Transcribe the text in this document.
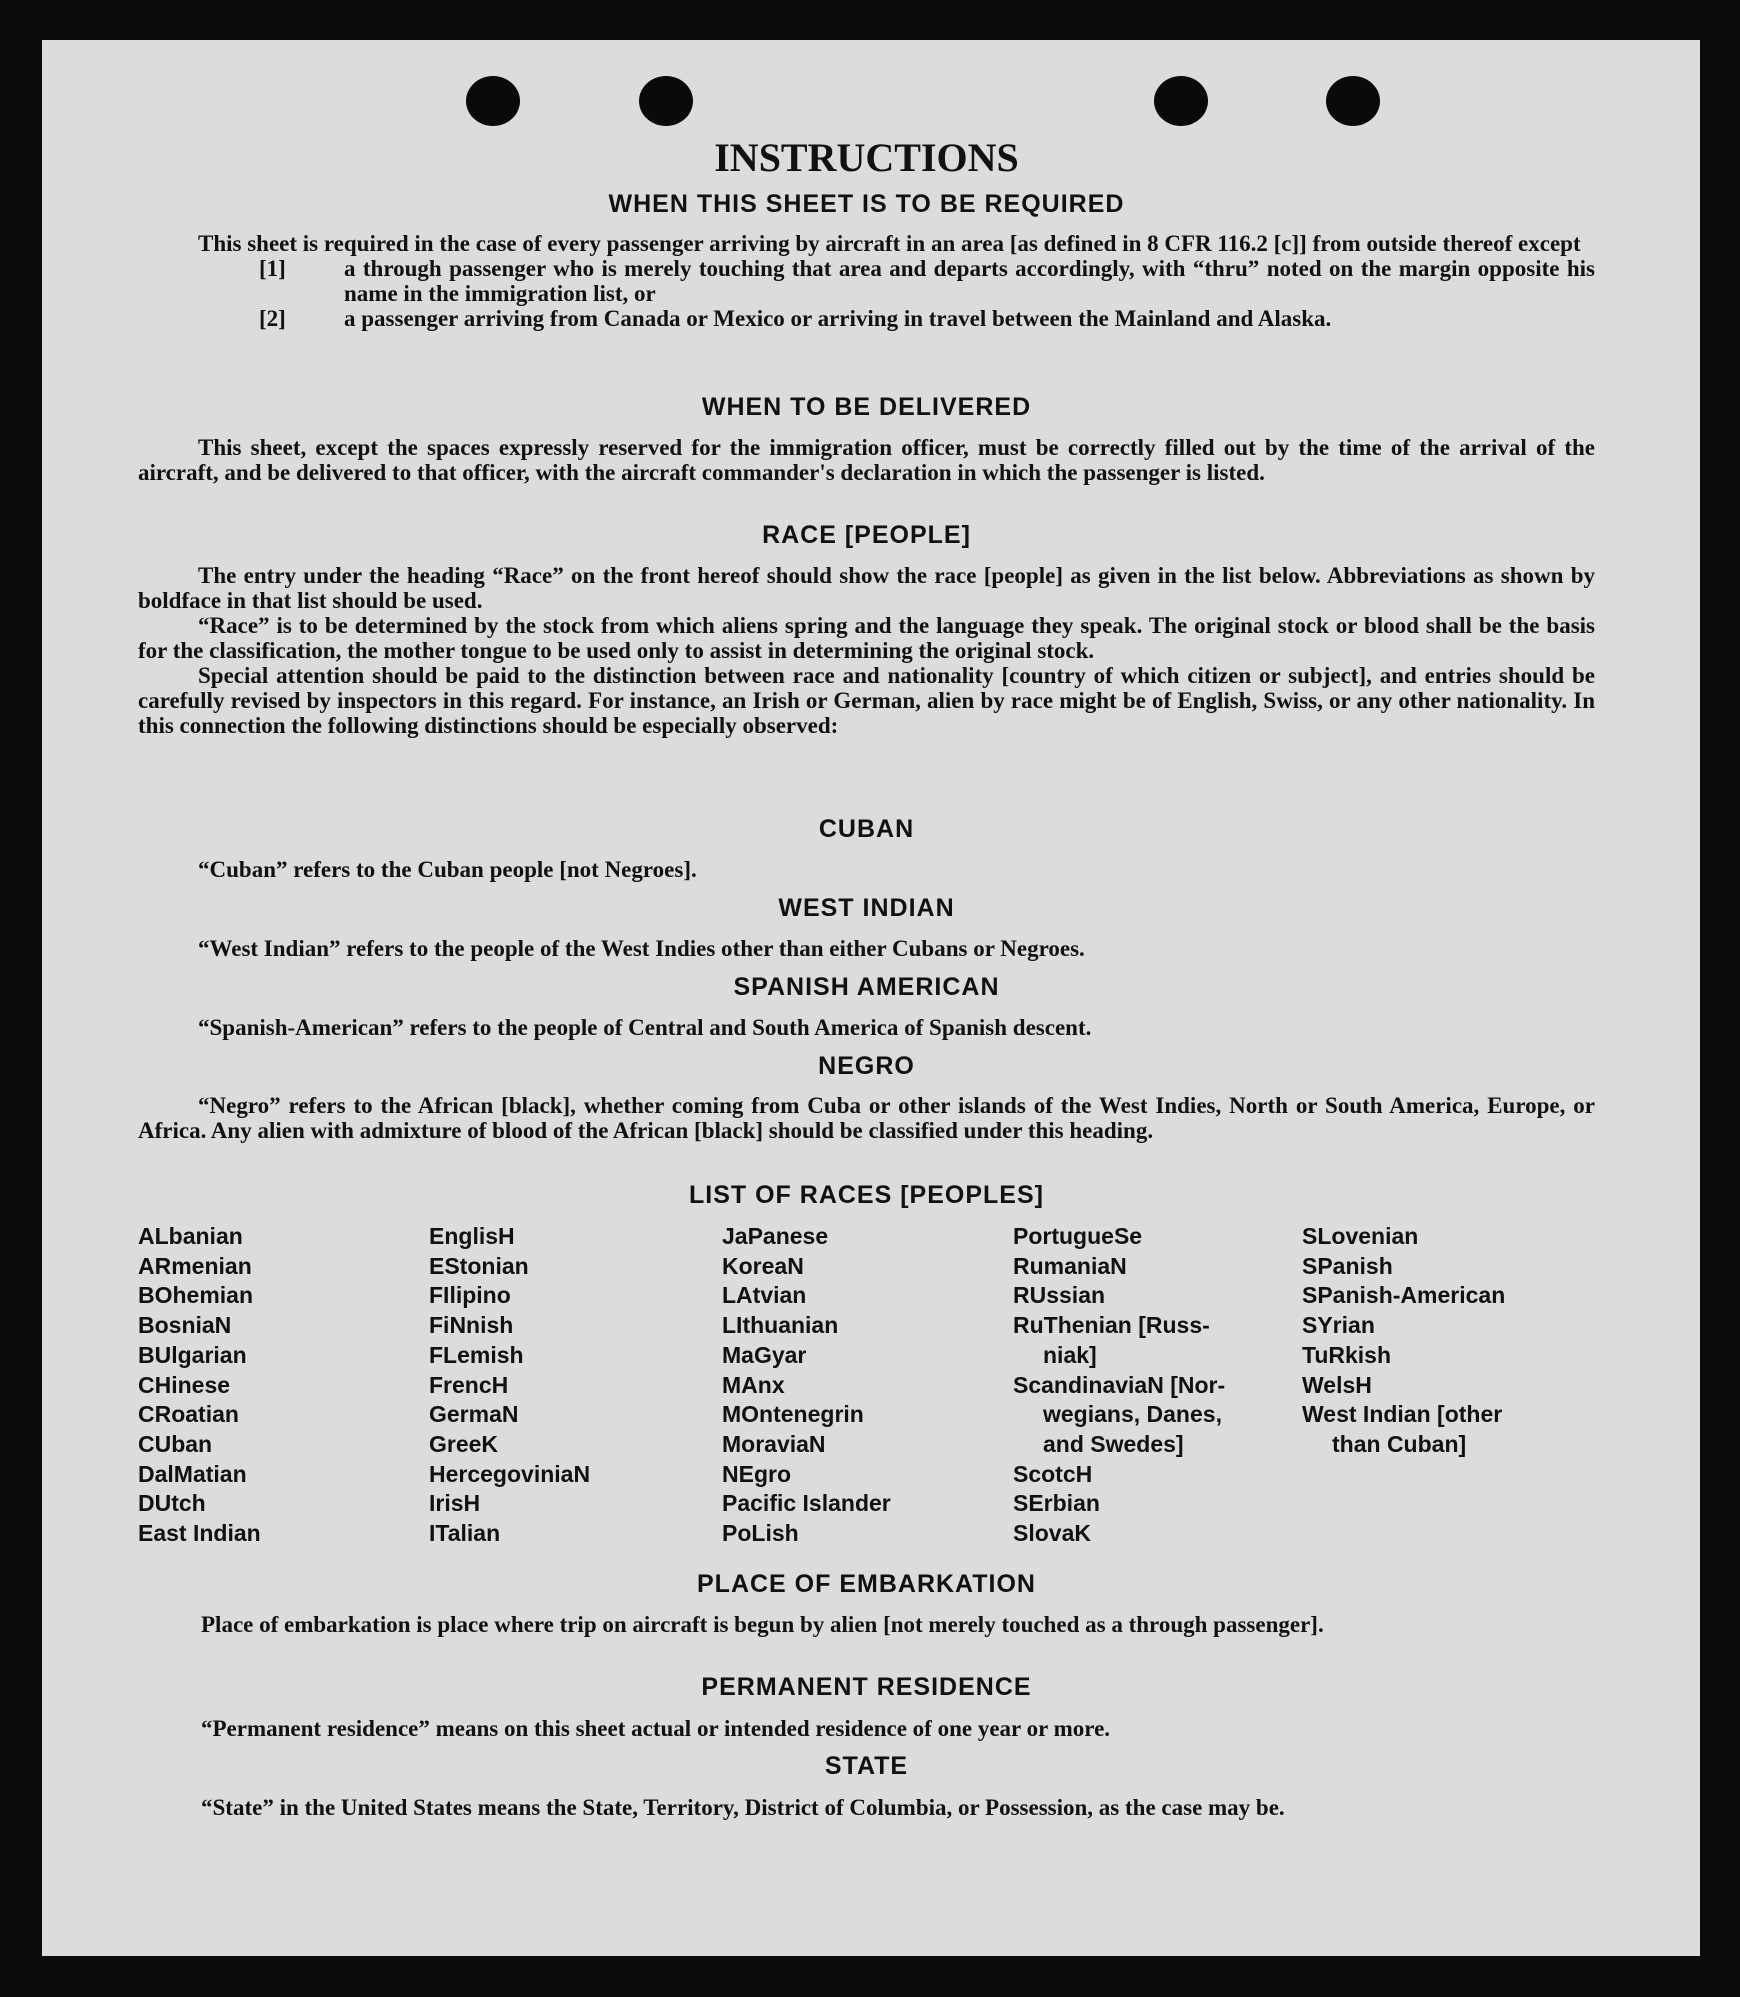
INSTRUCTIONS
WHEN THIS SHEET IS TO BE REQUIRED

This sheet is required in the case of every passenger arriving by aircraft in an area [as defined in 8 CFR 116.2 [c]] from outside thereof except

[1]	a through passenger who is merely touching that area and departs accordingly, with “thru” noted on the margin opposite his name in the immigration list, or

[2]	a passenger arriving from Canada or Mexico or arriving in travel between the Mainland and Alaska.

WHEN TO BE DELIVERED

This sheet, except the spaces expressly reserved for the immigration officer, must be correctly filled out by the time of the arrival of the aircraft, and be delivered to that officer, with the aircraft commander's declaration in which the passenger is listed.

RACE [PEOPLE]

The entry under the heading “Race” on the front hereof should show the race [people] as given in the list below. Abbreviations as shown by boldface in that list should be used.

“Race” is to be determined by the stock from which aliens spring and the language they speak. The original stock or blood shall be the basis for the classification, the mother tongue to be used only to assist in determining the original stock.

Special attention should be paid to the distinction between race and nationality [country of which citizen or subject], and entries should be carefully revised by inspectors in this regard. For instance, an Irish or German, alien by race might be of English, Swiss, or any other nationality. In this connection the following distinctions should be especially observed:

CUBAN

“Cuban” refers to the Cuban people [not Negroes].

WEST INDIAN

“West Indian” refers to the people of the West Indies other than either Cubans or Negroes.

SPANISH AMERICAN

“Spanish-American” refers to the people of Central and South America of Spanish descent.

NEGRO

“Negro” refers to the African [black], whether coming from Cuba or other islands of the West Indies, North or South America, Europe, or Africa. Any alien with admixture of blood of the African [black] should be classified under this heading.

LIST OF RACES [PEOPLES]
ALbanian
ARmenian
BOhemian
BosniaN
BUlgarian
CHinese
CRoatian
CUban
DalMatian
DUtch
East Indian
EnglisH
EStonian
FIlipino
FiNnish
FLemish
FrencH
GermaN
GreeK
HercegoviniaN
IrisH
ITalian
JaPanese
KoreaN
LAtvian
LIthuanian
MaGyar
MAnx
MOntenegrin
MoraviaN
NEgro
Pacific Islander
PoLish
PortugueSe
RumaniaN
RUssian
RuThenian [Russ-
niak]
ScandinaviaN [Nor-
wegians, Danes,
and Swedes]
ScotcH
SErbian
SlovaK
SLovenian
SPanish
SPanish-American
SYrian
TuRkish
WelsH
West Indian [other
than Cuban]
PLACE OF EMBARKATION

Place of embarkation is place where trip on aircraft is begun by alien [not merely touched as a through passenger].

PERMANENT RESIDENCE

“Permanent residence” means on this sheet actual or intended residence of one year or more.

STATE

“State” in the United States means the State, Territory, District of Columbia, or Possession, as the case may be.
